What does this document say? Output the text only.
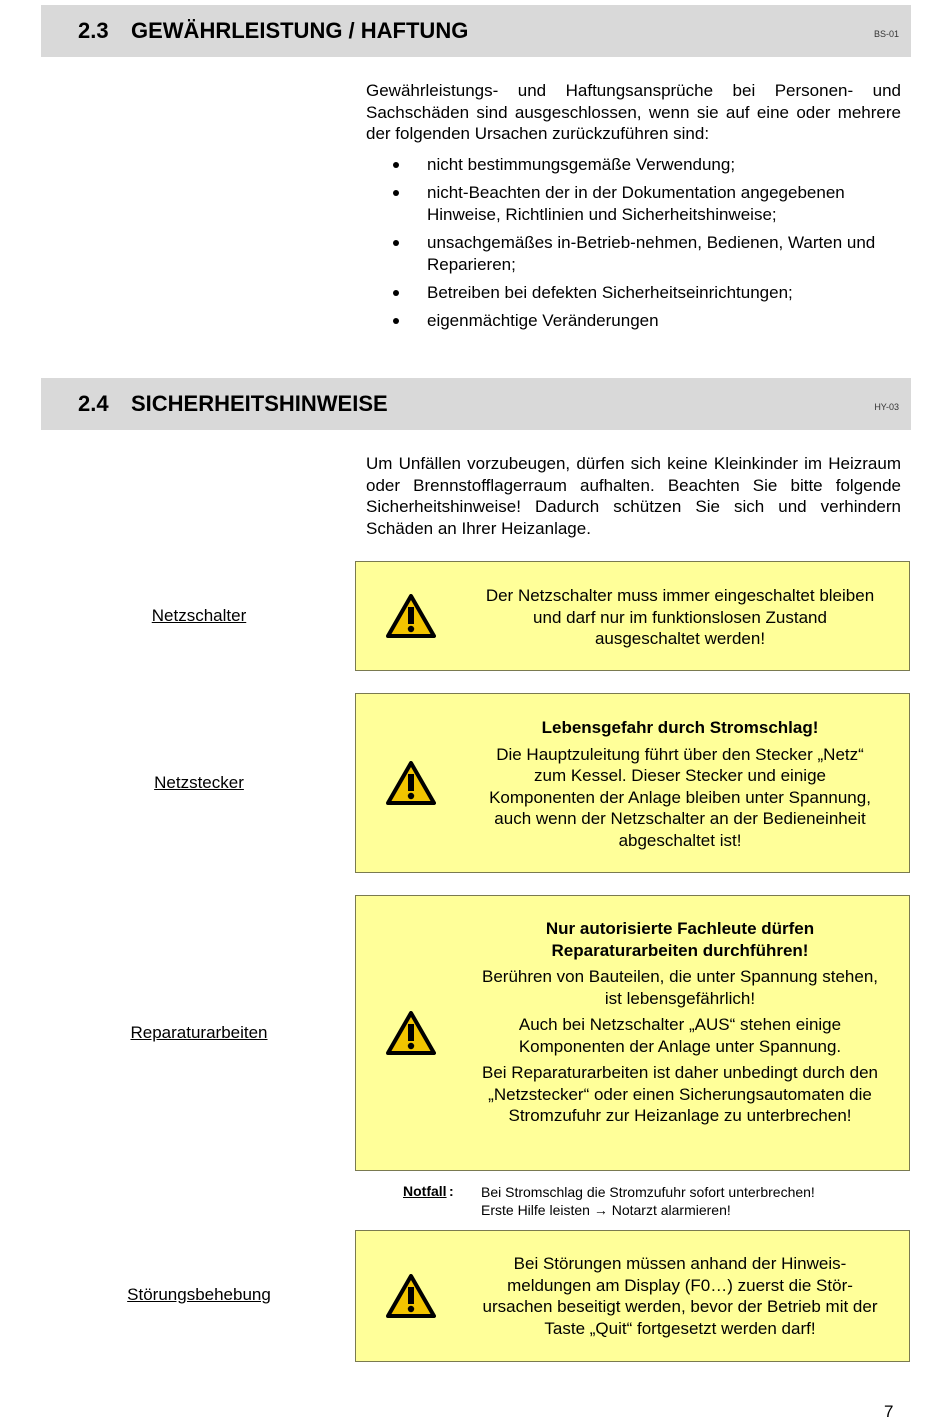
2.3 GEWÄHRLEISTUNG / HAFTUNG	BS-01
Gewährleistungs- und Haftungsansprüche bei Personen- und Sachschäden sind ausgeschlossen, wenn sie auf eine oder mehrere der folgenden Ursachen zurückzuführen sind:
nicht bestimmungsgemäße Verwendung;
nicht-Beachten der in der Dokumentation angegebenen Hinweise, Richtlinien und Sicherheitshinweise;
unsachgemäßes in-Betrieb-nehmen, Bedienen, Warten und Reparieren;
Betreiben bei defekten Sicherheitseinrichtungen;
eigenmächtige Veränderungen
2.4 SICHERHEITSHINWEISE	HY-03
Um Unfällen vorzubeugen, dürfen sich keine Kleinkinder im Heizraum oder Brennstofflagerraum aufhalten. Beachten Sie bitte folgende Sicherheitshinweise! Dadurch schützen Sie sich und verhindern Schäden an Ihrer Heizanlage.
Netzschalter

Der Netzschalter muss immer eingeschaltet bleiben und darf nur im funktionslosen Zustand ausgeschaltet werden!

Netzstecker

Lebensgefahr durch Stromschlag!

Die Hauptzuleitung führt über den Stecker „Netz“ zum Kessel. Dieser Stecker und einige Komponenten der Anlage bleiben unter Spannung, auch wenn der Netzschalter an der Bedieneinheit abgeschaltet ist!

Reparaturarbeiten

Nur autorisierte Fachleute dürfen Reparaturarbeiten durchführen!

Berühren von Bauteilen, die unter Spannung stehen, ist lebensgefährlich!

Auch bei Netzschalter „AUS“ stehen einige Komponenten der Anlage unter Spannung.

Bei Reparaturarbeiten ist daher unbedingt durch den „Netzstecker“ oder einen Sicherungsautomaten die Stromzufuhr zur Heizanlage zu unterbrechen!

Notfall : Bei Stromschlag die Stromzufuhr sofort unterbrechen!
Erste Hilfe leisten → Notarzt alarmieren!
Störungsbehebung

Bei Störungen müssen anhand der Hinweis-meldungen am Display (F0…) zuerst die Stör-ursachen beseitigt werden, bevor der Betrieb mit der Taste „Quit“ fortgesetzt werden darf!

7
